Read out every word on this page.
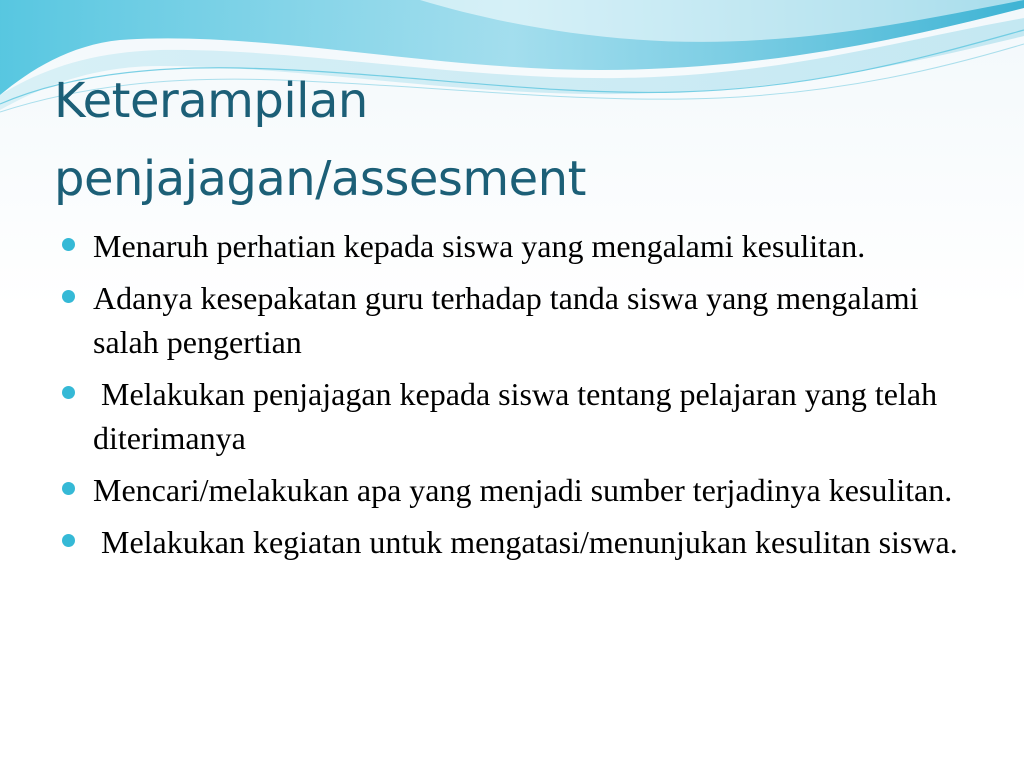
Keterampilan
penjajagan/assesment
Menaruh perhatian kepada siswa yang mengalami kesulitan.
Adanya kesepakatan guru terhadap tanda siswa yang mengalami salah pengertian
Melakukan penjajagan kepada siswa tentang pelajaran yang telah diterimanya
Mencari/melakukan apa yang menjadi sumber terjadinya kesulitan.
Melakukan kegiatan untuk mengatasi/menunjukan kesulitan siswa.
